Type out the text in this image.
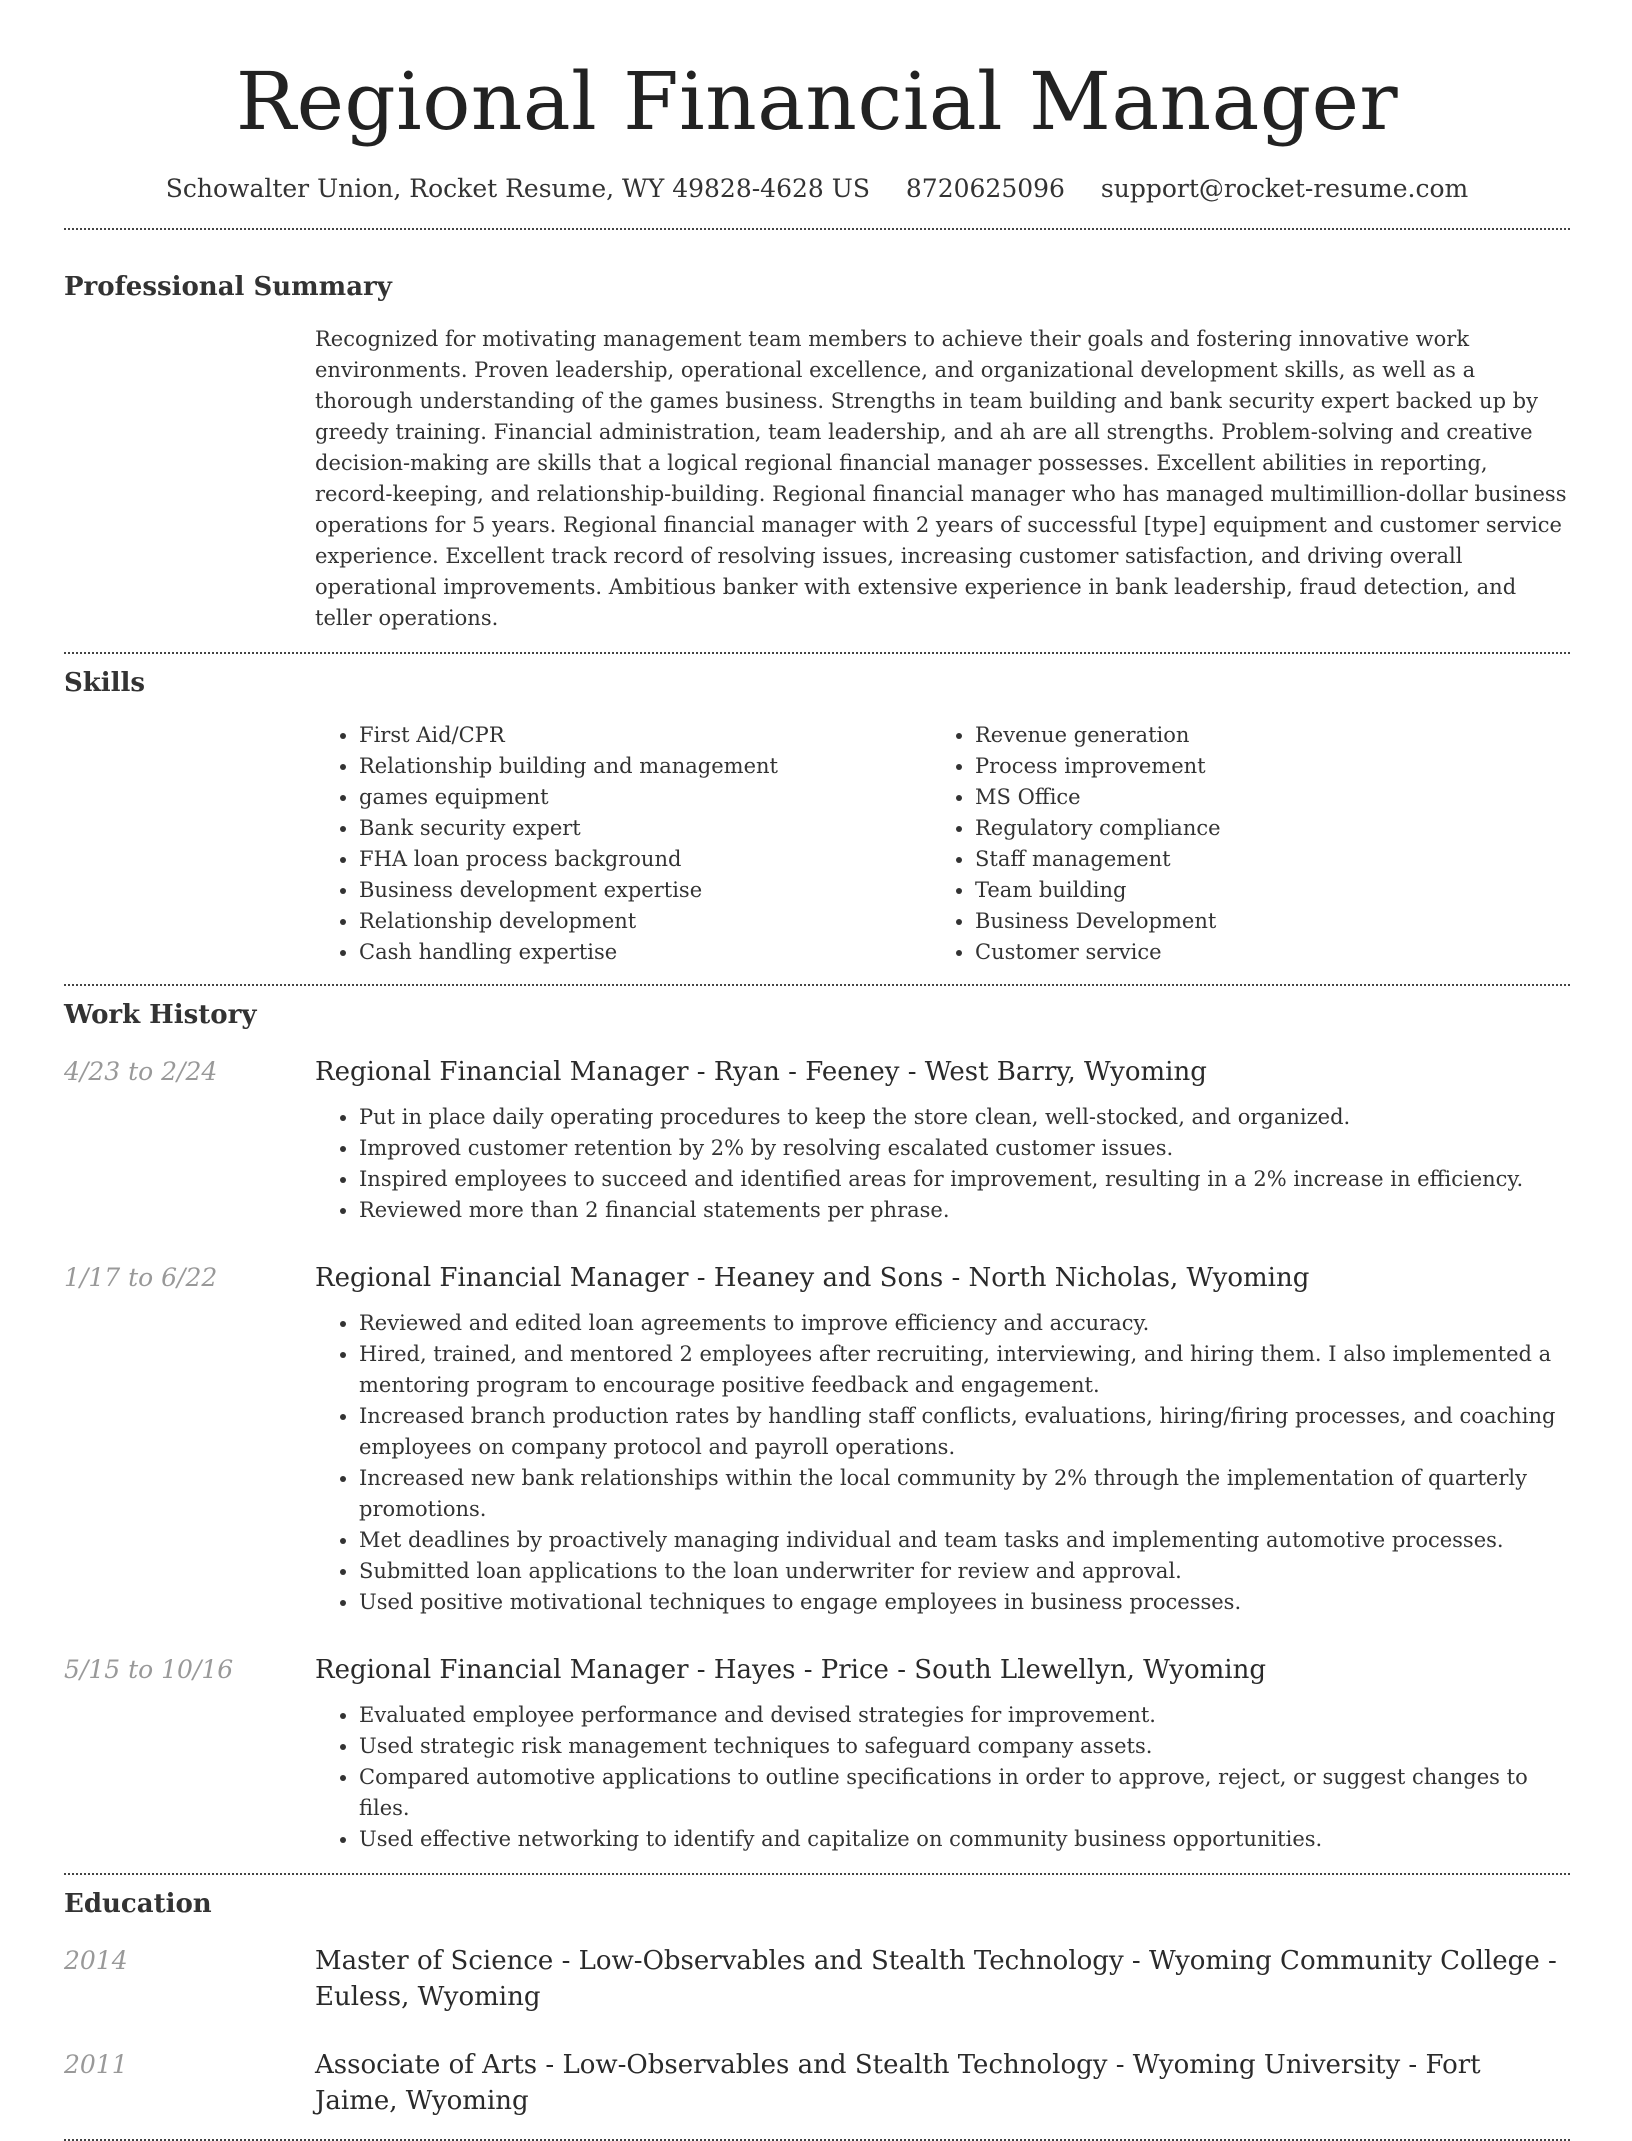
Regional Financial Manager
Schowalter Union, Rocket Resume, WY 49828-4628 US 8720625096 support@rocket-resume.com
Professional Summary

Recognized for motivating management team members to achieve their goals and fostering innovative work environments. Proven leadership, operational excellence, and organizational development skills, as well as a thorough understanding of the games business. Strengths in team building and bank security expert backed up by greedy training. Financial administration, team leadership, and ah are all strengths. Problem-solving and creative decision-making are skills that a logical regional financial manager possesses. Excellent abilities in reporting, record-keeping, and relationship-building. Regional financial manager who has managed multimillion-dollar business operations for 5 years. Regional financial manager with 2 years of successful [type] equipment and customer service experience. Excellent track record of resolving issues, increasing customer satisfaction, and driving overall operational improvements. Ambitious banker with extensive experience in bank leadership, fraud detection, and teller operations.

Skills
• First Aid/CPR
• Relationship building and management
• games equipment
• Bank security expert
• FHA loan process background
• Business development expertise
• Relationship development
• Cash handling expertise
• Revenue generation
• Process improvement
• MS Office
• Regulatory compliance
• Staff management
• Team building
• Business Development
• Customer service
Work History
4/23 to 2/24	Regional Financial Manager - Ryan - Feeney - West Barry, Wyoming
• Put in place daily operating procedures to keep the store clean, well-stocked, and organized.
• Improved customer retention by 2% by resolving escalated customer issues.
• Inspired employees to succeed and identified areas for improvement, resulting in a 2% increase in efficiency.
• Reviewed more than 2 financial statements per phrase.
1/17 to 6/22	Regional Financial Manager - Heaney and Sons - North Nicholas, Wyoming
• Reviewed and edited loan agreements to improve efficiency and accuracy.
• Hired, trained, and mentored 2 employees after recruiting, interviewing, and hiring them. I also implemented a mentoring program to encourage positive feedback and engagement.
• Increased branch production rates by handling staff conflicts, evaluations, hiring/firing processes, and coaching employees on company protocol and payroll operations.
• Increased new bank relationships within the local community by 2% through the implementation of quarterly promotions.
• Met deadlines by proactively managing individual and team tasks and implementing automotive processes.
• Submitted loan applications to the loan underwriter for review and approval.
• Used positive motivational techniques to engage employees in business processes.
5/15 to 10/16	Regional Financial Manager - Hayes - Price - South Llewellyn, Wyoming
• Evaluated employee performance and devised strategies for improvement.
• Used strategic risk management techniques to safeguard company assets.
• Compared automotive applications to outline specifications in order to approve, reject, or suggest changes to files.
• Used effective networking to identify and capitalize on community business opportunities.
Education
2014	Master of Science - Low-Observables and Stealth Technology - Wyoming Community College - Euless, Wyoming
2011	Associate of Arts - Low-Observables and Stealth Technology - Wyoming University - Fort Jaime, Wyoming
